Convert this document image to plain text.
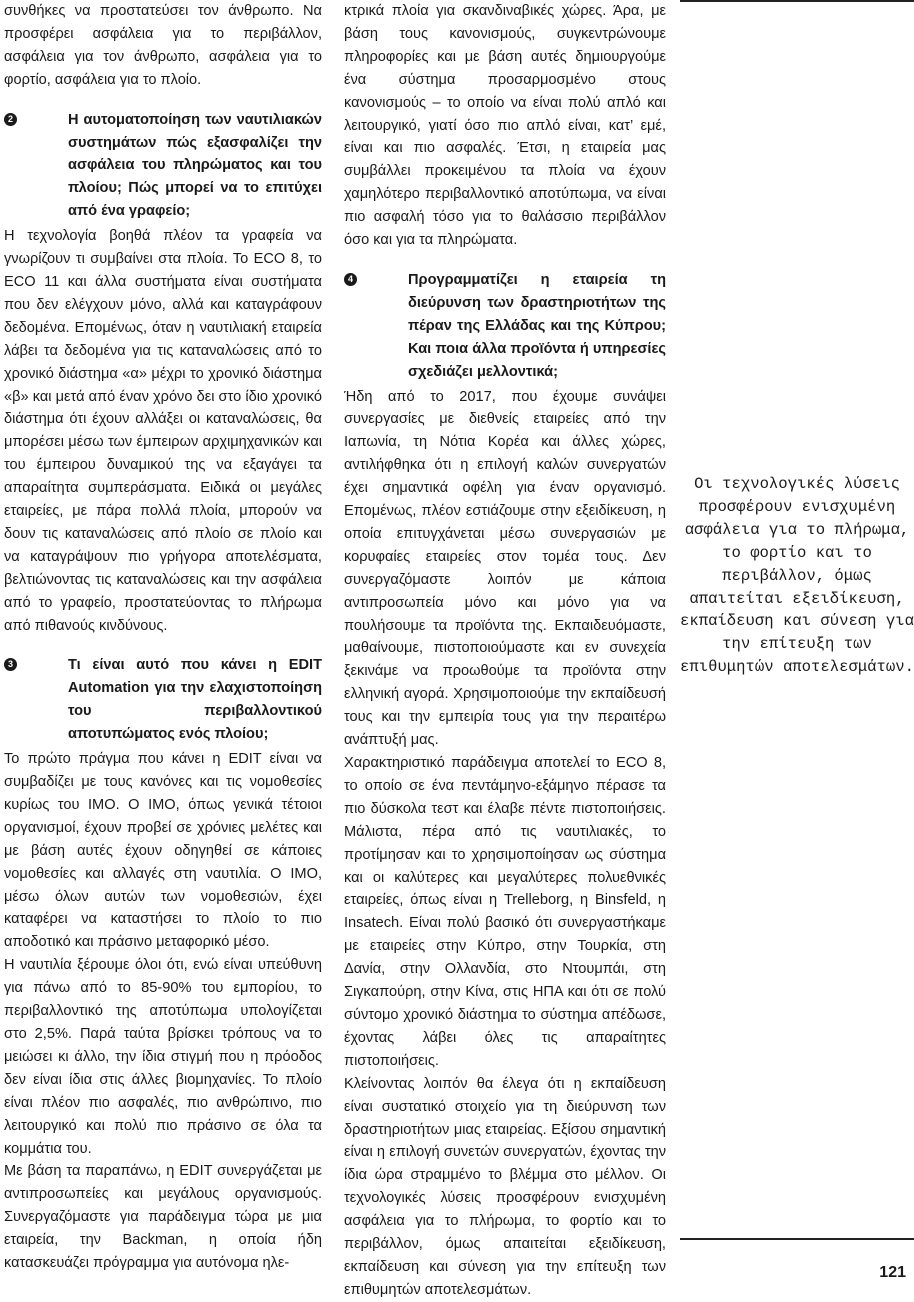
συνθήκες να προστατεύσει τον άνθρωπο. Να προσφέρει ασφάλεια για το περιβάλλον, ασφάλεια για τον άνθρωπο, ασφάλεια για το φορτίο, ασφάλεια για το πλοίο.

2	Η αυτοματοποίηση των ναυτιλιακών συστημάτων πώς εξασφαλίζει την ασφάλεια του πληρώματος και του πλοίου; Πώς μπορεί να το επιτύχει από ένα γραφείο;

Η τεχνολογία βοηθά πλέον τα γραφεία να γνωρίζουν τι συμβαίνει στα πλοία. Το ECO 8, το ECO 11 και άλλα συστήματα είναι συστήματα που δεν ελέγχουν μόνο, αλλά και καταγράφουν δεδομένα. Επομένως, όταν η ναυτιλιακή εταιρεία λάβει τα δεδομένα για τις καταναλώσεις από το χρονικό διάστημα «α» μέχρι το χρονικό διάστημα «β» και μετά από έναν χρόνο δει στο ίδιο χρονικό διάστημα ότι έχουν αλλάξει οι καταναλώσεις, θα μπορέσει μέσω των έμπειρων αρχιμηχανικών και του έμπειρου δυναμικού της να εξαγάγει τα απαραίτητα συμπεράσματα. Ειδικά οι μεγάλες εταιρείες, με πάρα πολλά πλοία, μπορούν να δουν τις καταναλώσεις από πλοίο σε πλοίο και να καταγράψουν πιο γρήγορα αποτελέσματα, βελτιώνοντας τις καταναλώσεις και την ασφάλεια από το γραφείο, προστατεύοντας το πλήρωμα από πιθανούς κινδύνους.

3	Τι είναι αυτό που κάνει η EDIT Automation για την ελαχιστοποίηση του περιβαλλοντικού αποτυπώματος ενός πλοίου;

Το πρώτο πράγμα που κάνει η EDIT είναι να συμβαδίζει με τους κανόνες και τις νομοθεσίες κυρίως του IMO. Ο IMO, όπως γενικά τέτοιοι οργανισμοί, έχουν προβεί σε χρόνιες μελέτες και με βάση αυτές έχουν οδηγηθεί σε κάποιες νομοθεσίες και αλλαγές στη ναυτιλία. Ο IMO, μέσω όλων αυτών των νομοθεσιών, έχει καταφέρει να καταστήσει το πλοίο το πιο αποδοτικό και πράσινο μεταφορικό μέσο.

Η ναυτιλία ξέρουμε όλοι ότι, ενώ είναι υπεύθυνη για πάνω από το 85-90% του εμπορίου, το περιβαλλοντικό της αποτύπωμα υπολογίζεται στο 2,5%. Παρά ταύτα βρίσκει τρόπους να το μειώσει κι άλλο, την ίδια στιγμή που η πρόοδος δεν είναι ίδια στις άλλες βιομηχανίες. Το πλοίο είναι πλέον πιο ασφαλές, πιο ανθρώπινο, πιο λειτουργικό και πολύ πιο πράσινο σε όλα τα κομμάτια του.

Με βάση τα παραπάνω, η EDIT συνεργάζεται με αντιπροσωπείες και μεγάλους οργανισμούς. Συνεργαζόμαστε για παράδειγμα τώρα με μια εταιρεία, την Backman, η οποία ήδη κατασκευάζει πρόγραμμα για αυτόνομα ηλε-

κτρικά πλοία για σκανδιναβικές χώρες. Άρα, με βάση τους κανονισμούς, συγκεντρώνουμε πληροφορίες και με βάση αυτές δημιουργούμε ένα σύστημα προσαρμοσμένο στους κανονισμούς – το οποίο να είναι πολύ απλό και λειτουργικό, γιατί όσο πιο απλό είναι, κατ’ εμέ, είναι και πιο ασφαλές. Έτσι, η εταιρεία μας συμβάλλει προκειμένου τα πλοία να έχουν χαμηλότερο περιβαλλοντικό αποτύπωμα, να είναι πιο ασφαλή τόσο για το θαλάσσιο περιβάλλον όσο και για τα πληρώματα.

4	Προγραμματίζει η εταιρεία τη διεύρυνση των δραστηριοτήτων της πέραν της Ελλάδας και της Κύπρου; Και ποια άλλα προϊόντα ή υπηρεσίες σχεδιάζει μελλοντικά;

Ήδη από το 2017, που έχουμε συνάψει συνεργασίες με διεθνείς εταιρείες από την Ιαπωνία, τη Νότια Κορέα και άλλες χώρες, αντιλήφθηκα ότι η επιλογή καλών συνεργατών έχει σημαντικά οφέλη για έναν οργανισμό. Επομένως, πλέον εστιάζουμε στην εξειδίκευση, η οποία επιτυγχάνεται μέσω συνεργασιών με κορυφαίες εταιρείες στον τομέα τους. Δεν συνεργαζόμαστε λοιπόν με κάποια αντιπροσωπεία μόνο και μόνο για να πουλήσουμε τα προϊόντα της. Εκπαιδευόμαστε, μαθαίνουμε, πιστοποιούμαστε και εν συνεχεία ξεκινάμε να προωθούμε τα προϊόντα στην ελληνική αγορά. Χρησιμοποιούμε την εκπαίδευσή τους και την εμπειρία τους για την περαιτέρω ανάπτυξή μας.

Χαρακτηριστικό παράδειγμα αποτελεί το ECO 8, το οποίο σε ένα πεντάμηνο-εξάμηνο πέρασε τα πιο δύσκολα τεστ και έλαβε πέντε πιστοποιήσεις. Μάλιστα, πέρα από τις ναυτιλιακές, το προτίμησαν και το χρησιμοποίησαν ως σύστημα και οι καλύτερες και μεγαλύτερες πολυεθνικές εταιρείες, όπως είναι η Trelleborg, η Binsfeld, η Insatech. Είναι πολύ βασικό ότι συνεργαστήκαμε με εταιρείες στην Κύπρο, στην Τουρκία, στη Δανία, στην Ολλανδία, στο Ντουμπάι, στη Σιγκαπούρη, στην Κίνα, στις ΗΠΑ και ότι σε πολύ σύντομο χρονικό διάστημα το σύστημα απέδωσε, έχοντας λάβει όλες τις απαραίτητες πιστοποιήσεις.

Κλείνοντας λοιπόν θα έλεγα ότι η εκπαίδευση είναι συστατικό στοιχείο για τη διεύρυνση των δραστηριοτήτων μιας εταιρείας. Εξίσου σημαντική είναι η επιλογή συνετών συνεργατών, έχοντας την ίδια ώρα στραμμένο το βλέμμα στο μέλλον. Οι τεχνολογικές λύσεις προσφέρουν ενισχυμένη ασφάλεια για το πλήρωμα, το φορτίο και το περιβάλλον, όμως απαιτείται εξειδίκευση, εκπαίδευση και σύνεση για την επίτευξη των επιθυμητών αποτελεσμάτων.

Οι τεχνολογικές λύσεις προσφέρουν ενισχυμένη ασφάλεια για το πλήρωμα, το φορτίο και το περιβάλλον, όμως απαιτείται εξειδίκευση, εκπαίδευση και σύνεση για την επίτευξη των επιθυμητών αποτελεσμάτων.
121
